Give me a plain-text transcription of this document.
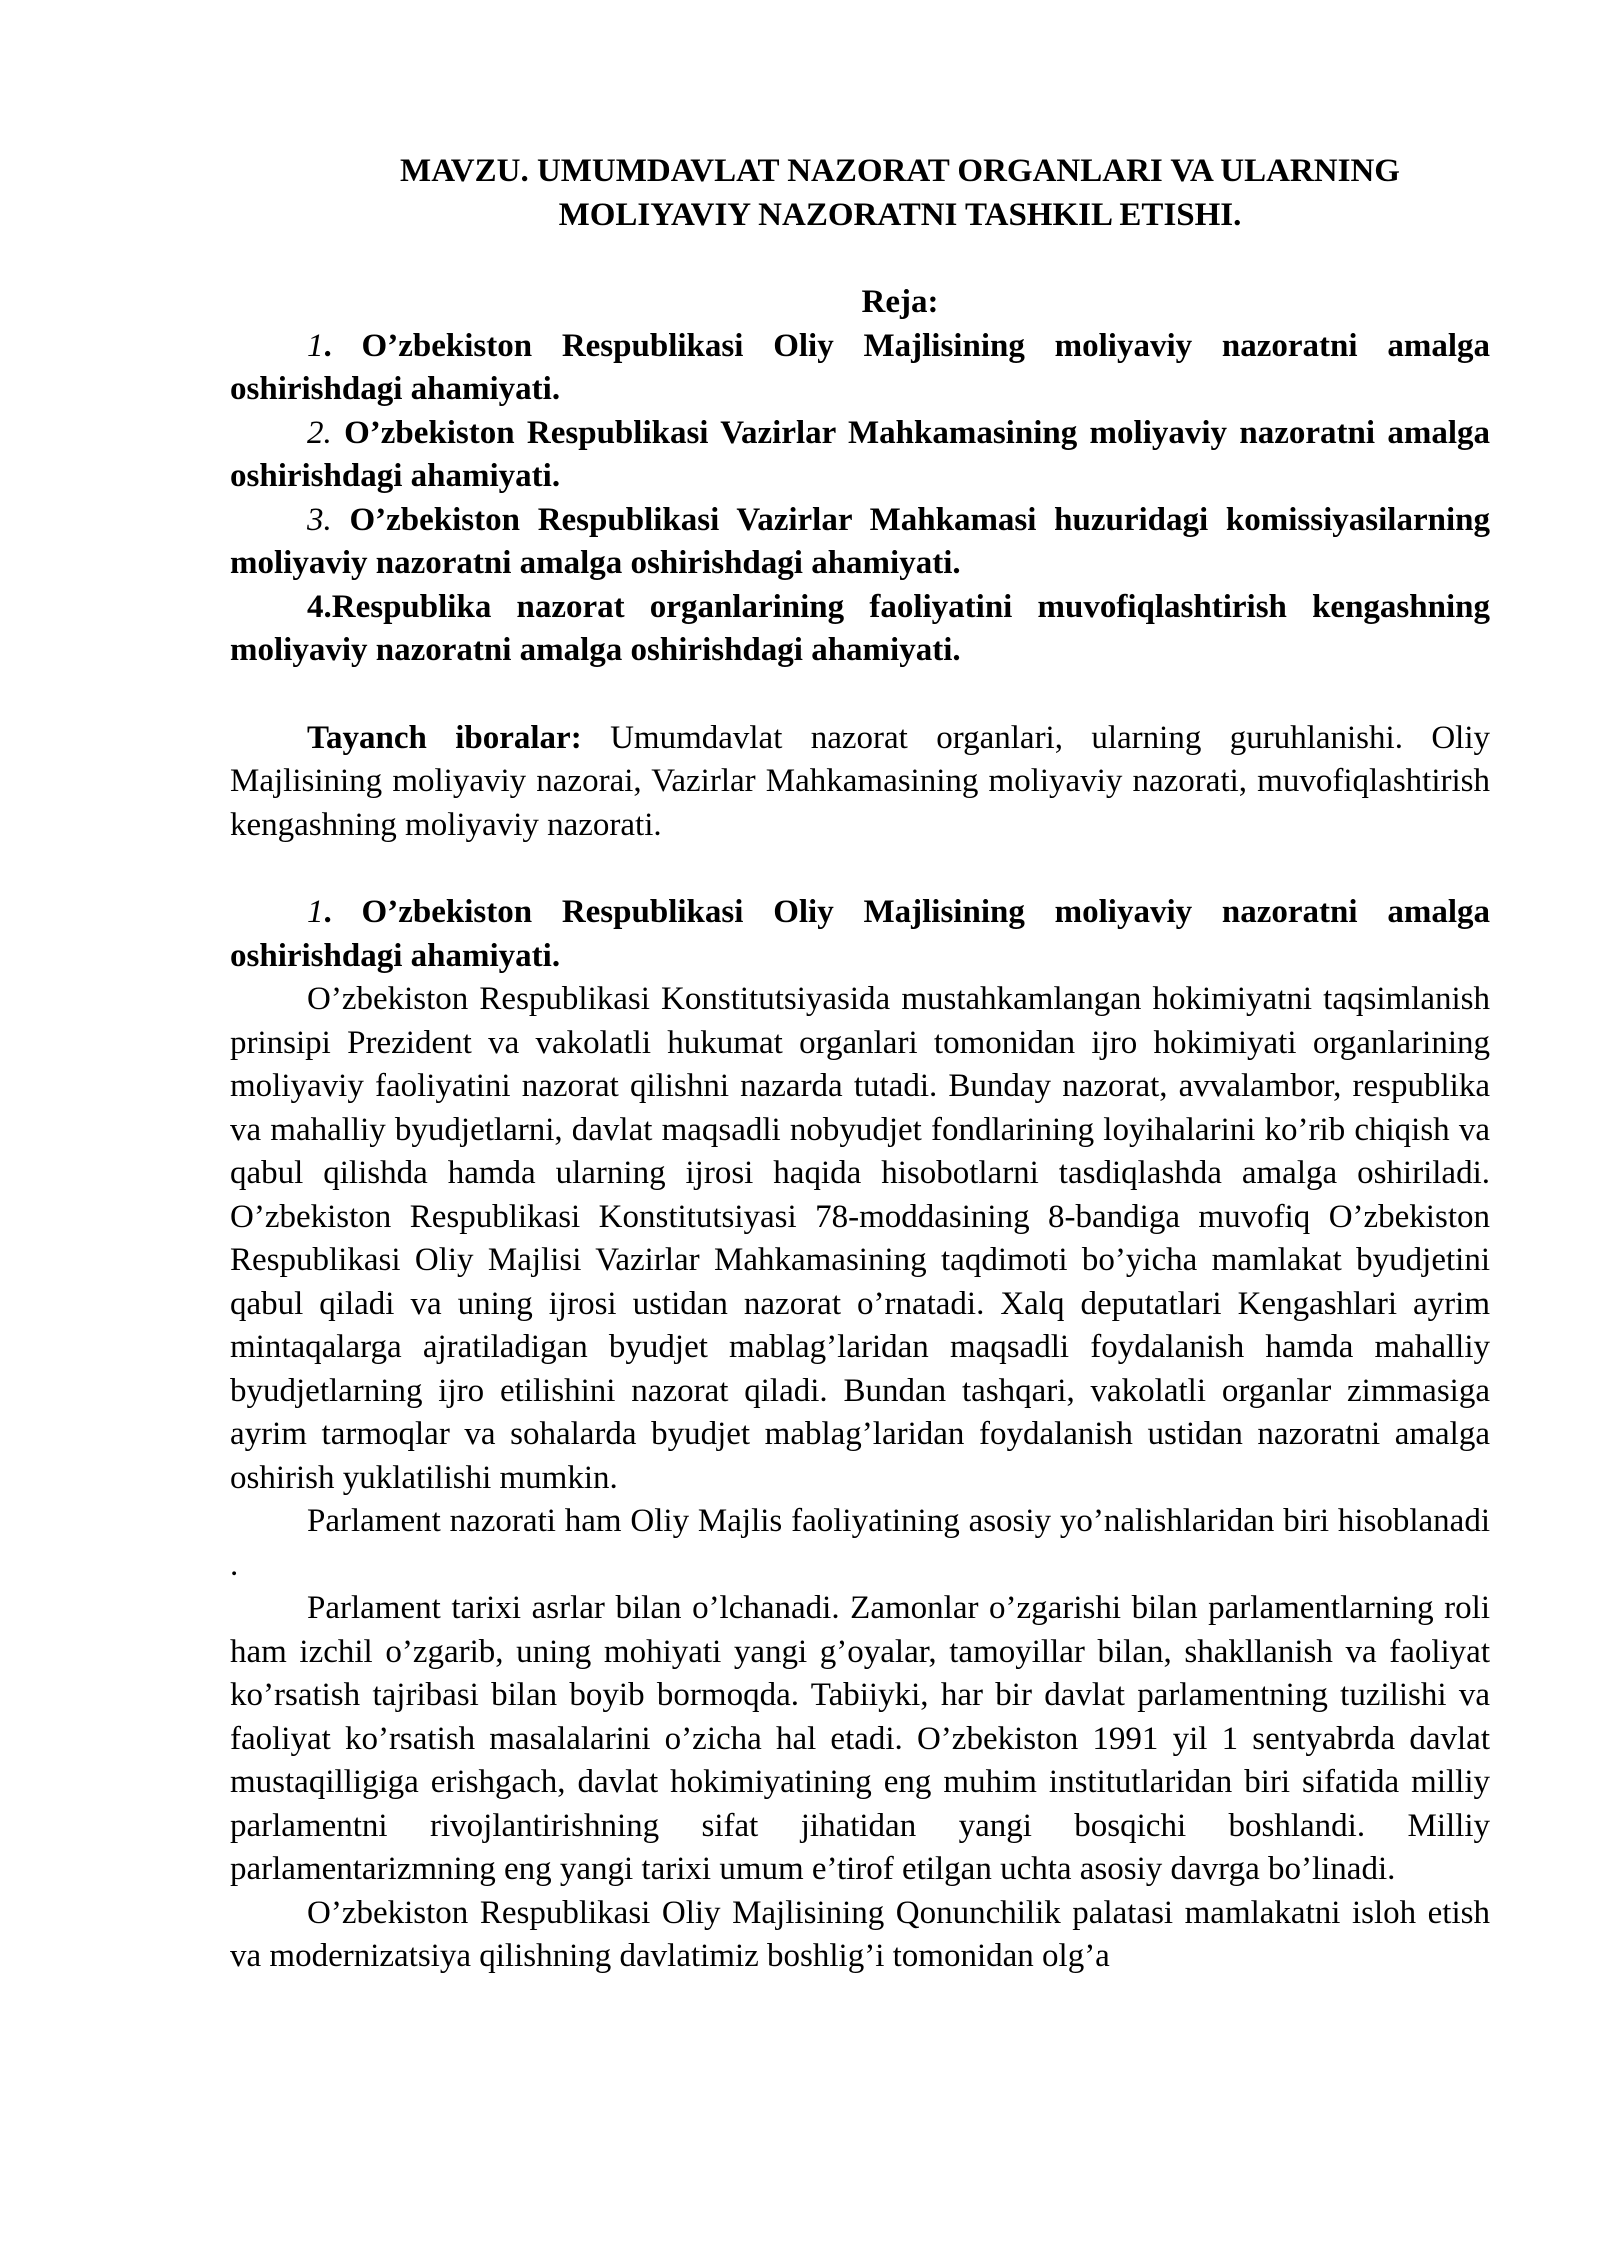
MAVZU. UMUMDAVLAT NAZORAT ORGANLARI VA ULARNING
MOLIYAVIY NAZORATNI TASHKIL ETISHI.

Reja:

1. O’zbekiston Respublikasi Oliy Majlisining moliyaviy nazoratni amalga oshirishdagi ahamiyati.

2. O’zbekiston Respublikasi Vazirlar Mahkamasining moliyaviy nazoratni amalga oshirishdagi ahamiyati.

3. O’zbekiston Respublikasi Vazirlar Mahkamasi huzuridagi komissiyasilarning moliyaviy nazoratni amalga oshirishdagi ahamiyati.

4.Respublika nazorat organlarining faoliyatini muvofiqlashtirish kengashning moliyaviy nazoratni amalga oshirishdagi ahamiyati.

Tayanch iboralar: Umumdavlat nazorat organlari, ularning guruhlanishi. Oliy Majlisining moliyaviy nazorai, Vazirlar Mahkamasining moliyaviy nazorati, muvofiqlashtirish kengashning moliyaviy nazorati.

1. O’zbekiston Respublikasi Oliy Majlisining moliyaviy nazoratni amalga oshirishdagi ahamiyati.

O’zbekiston Respublikasi Konstitutsiyasida mustahkamlangan hokimiyatni taqsimlanish prinsipi Prezident va vakolatli hukumat organlari tomonidan ijro hokimiyati organlarining moliyaviy faoliyatini nazorat qilishni nazarda tutadi. Bunday nazorat, avvalambor, respublika va mahalliy byudjetlarni, davlat maqsadli nobyudjet fondlarining loyihalarini ko’rib chiqish va qabul qilishda hamda ularning ijrosi haqida hisobotlarni tasdiqlashda amalga oshiriladi. O’zbekiston Respublikasi Konstitutsiyasi 78-moddasining 8-bandiga muvofiq O’zbekiston Respublikasi Oliy Majlisi Vazirlar Mahkamasining taqdimoti bo’yicha mamlakat byudjetini qabul qiladi va uning ijrosi ustidan nazorat o’rnatadi. Xalq deputatlari Kengashlari ayrim mintaqalarga ajratiladigan byudjet mablag’laridan maqsadli foydalanish hamda mahalliy byudjetlarning ijro etilishini nazorat qiladi. Bundan tashqari, vakolatli organlar zimmasiga ayrim tarmoqlar va sohalarda byudjet mablag’laridan foydalanish ustidan nazoratni amalga oshirish yuklatilishi mumkin.

Parlament nazorati ham Oliy Majlis faoliyatining asosiy yo’nalishlaridan biri hisoblanadi .

Parlament tarixi asrlar bilan o’lchanadi. Zamonlar o’zgarishi bilan parlamentlarning roli ham izchil o’zgarib, uning mohiyati yangi g’oyalar, tamoyillar bilan, shakllanish va faoliyat ko’rsatish tajribasi bilan boyib bormoqda. Tabiiyki, har bir davlat parlamentning tuzilishi va faoliyat ko’rsatish masalalarini o’zicha hal etadi. O’zbekiston 1991 yil 1 sentyabrda davlat mustaqilligiga erishgach, davlat hokimiyatining eng muhim institutlaridan biri sifatida milliy parlamentni rivojlantirishning sifat jihatidan yangi bosqichi boshlandi. Milliy parlamentarizmning eng yangi tarixi umum e’tirof etilgan uchta asosiy davrga bo’linadi.

O’zbekiston Respublikasi Oliy Majlisining Qonunchilik palatasi mamlakatni isloh etish va modernizatsiya qilishning davlatimiz boshlig’i tomonidan olg’a
